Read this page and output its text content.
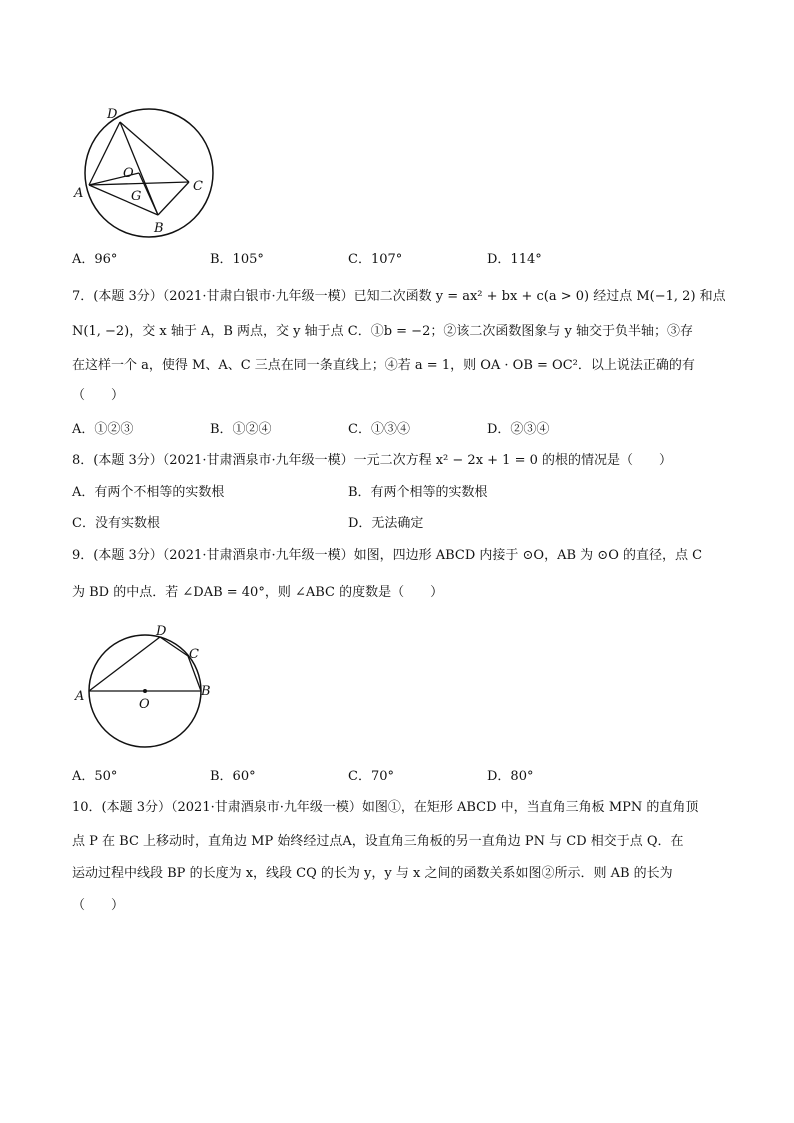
D
O
C
A	G
B
A．96°	B．105°	C．107°	D．114°
7．(本题 3分）（2021·甘肃白银市·九年级一模）已知二次函数 y = ax² + bx + c(a > 0) 经过点 M(−1, 2) 和点
N(1, −2)，交 x 轴于 A，B 两点，交 y 轴于点 C．①b = −2；②该二次函数图象与 y 轴交于负半轴；③存
在这样一个 a，使得 M、A、C 三点在同一条直线上；④若 a = 1，则 OA · OB = OC²．以上说法正确的有
（　　）
A．①②③	B．①②④	C．①③④	D．②③④
8．(本题 3分）（2021·甘肃酒泉市·九年级一模）一元二次方程 x² − 2x + 1 = 0 的根的情况是（　　）
A．有两个不相等的实数根	B．有两个相等的实数根
C．没有实数根	D．无法确定
9．(本题 3分）（2021·甘肃酒泉市·九年级一模）如图，四边形 ABCD 内接于 ⊙O，AB 为 ⊙O 的直径，点 C
为 BD 的中点．若 ∠DAB = 40°，则 ∠ABC 的度数是（　　）
D
C
A
O
B
A．50°	B．60°	C．70°	D．80°
10．(本题 3分）（2021·甘肃酒泉市·九年级一模）如图①，在矩形 ABCD 中，当直角三角板 MPN 的直角顶
点 P 在 BC 上移动时，直角边 MP 始终经过点A，设直角三角板的另一直角边 PN 与 CD 相交于点 Q．在
运动过程中线段 BP 的长度为 x，线段 CQ 的长为 y，y 与 x 之间的函数关系如图②所示．则 AB 的长为
（　　）
